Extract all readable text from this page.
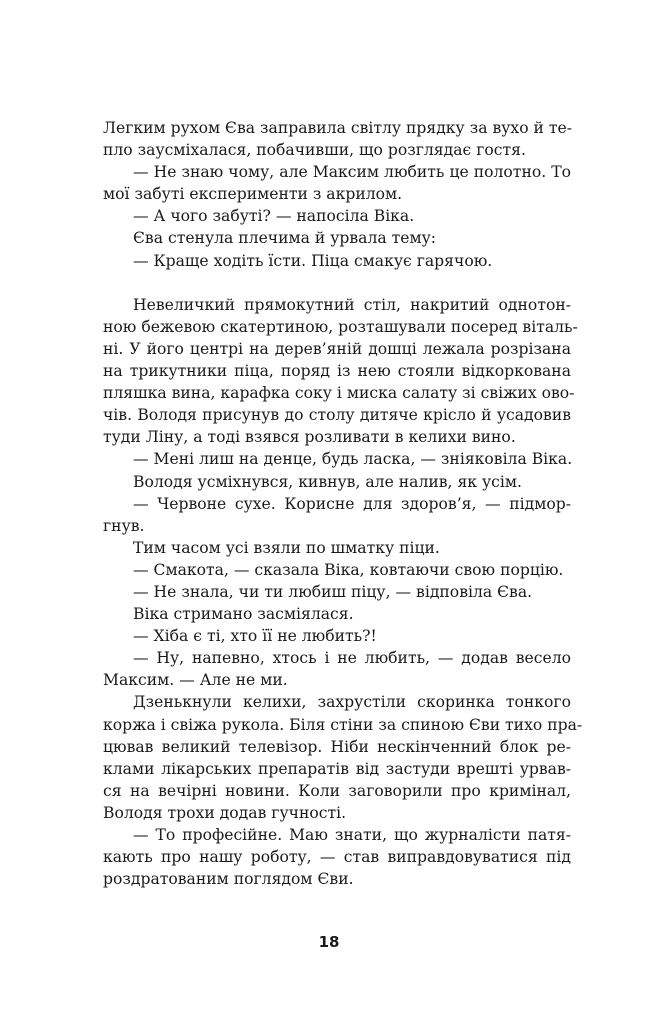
Легким рухом Єва заправила світлу прядку за вухо й те-
пло заусміхалася, побачивши, що розглядає гостя.
— Не знаю чому, але Максим любить це полотно. То
мої забуті експерименти з акрилом.
— А чого забуті? — напосіла Віка.
Єва стенула плечима й урвала тему:
— Краще ходіть їсти. Піца смакує гарячою.
Невеличкий прямокутний стіл, накритий однотон-
ною бежевою скатертиною, розташували посеред віталь-
ні. У його центрі на дерев’яній дошці лежала розрізана
на трикутники піца, поряд із нею стояли відкоркована
пляшка вина, карафка соку і миска салату зі свіжих ово-
чів. Володя присунув до столу дитяче крісло й усадовив
туди Ліну, а тоді взявся розливати в келихи вино.
— Мені лиш на денце, будь ласка, — зніяковіла Віка.
Володя усміхнувся, кивнув, але налив, як усім.
— Червоне сухе. Корисне для здоров’я, — підмор-
гнув.
Тим часом усі взяли по шматку піци.
— Смакота, — сказала Віка, ковтаючи свою порцію.
— Не знала, чи ти любиш піцу, — відповіла Єва.
Віка стримано засміялася.
— Хіба є ті, хто її не любить?!
— Ну, напевно, хтось і не любить, — додав весело
Максим. — Але не ми.
Дзенькнули келихи, захрустіли скоринка тонкого
коржа і свіжа рукола. Біля стіни за спиною Єви тихо пра-
цював великий телевізор. Ніби нескінченний блок ре-
клами лікарських препаратів від застуди врешті урвав-
ся на вечірні новини. Коли заговорили про кримінал,
Володя трохи додав гучності.
— То професійне. Маю знати, що журналісти патя-
кають про нашу роботу, — став виправдовуватися під
роздратованим поглядом Єви.
18
